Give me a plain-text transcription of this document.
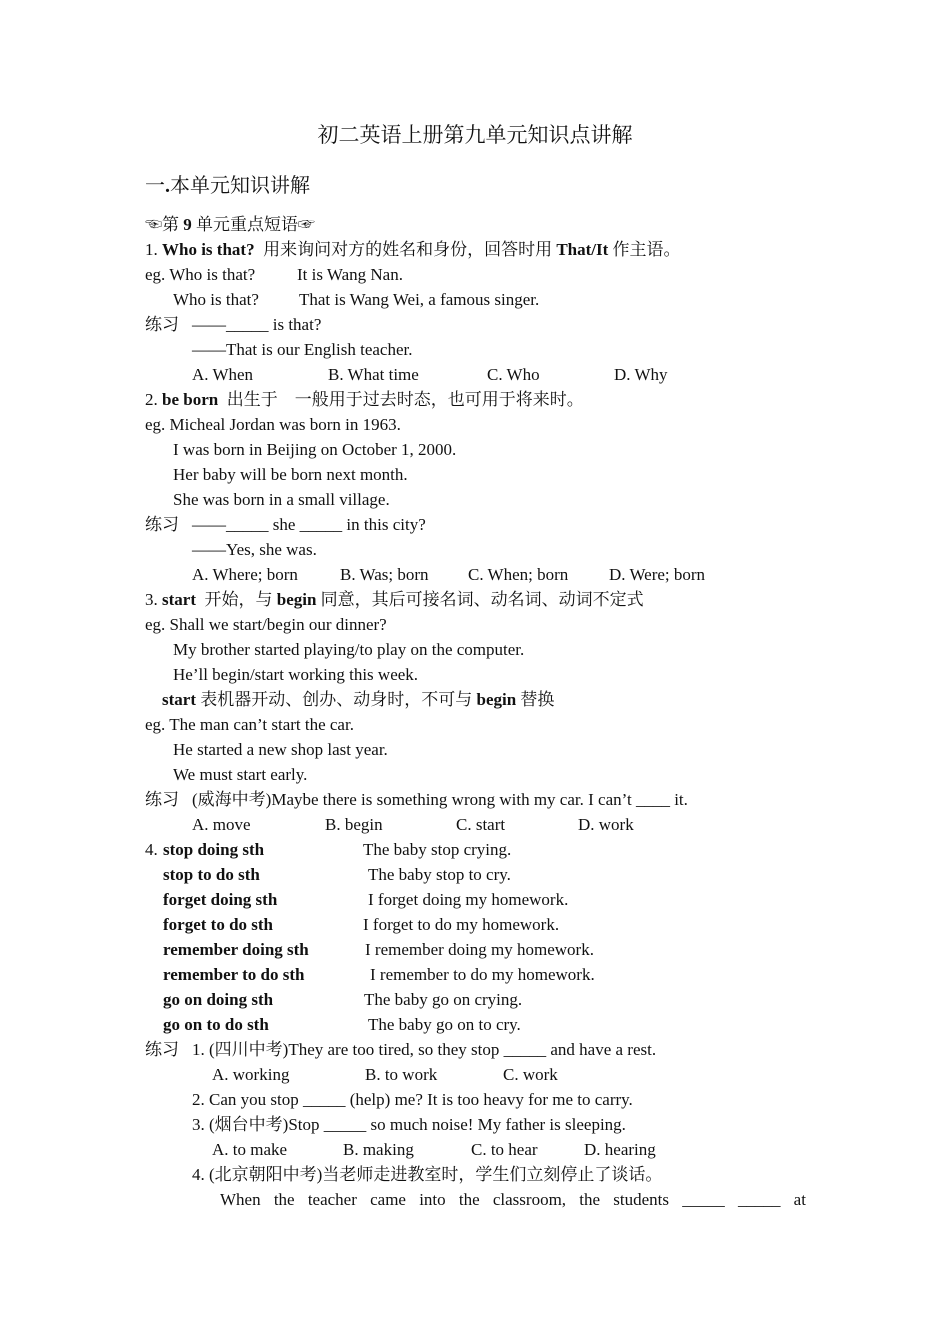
初二英语上册第九单元知识点讲解
一.本单元知识讲解
☜第 9 单元重点短语☞
1. Who is that?  用来询问对方的姓名和身份，回答时用 That/It 作主语。
eg. Who is that? It is Wang Nan.
Who is that? That is Wang Wei, a famous singer.
练习 ——_____ is that?
——That is our English teacher.
A. When	B. What time	C. Who	D. Why
2. be born  出生于    一般用于过去时态，也可用于将来时。
eg. Micheal Jordan was born in 1963.
I was born in Beijing on October 1, 2000.
Her baby will be born next month.
She was born in a small village.
练习 ——_____ she _____ in this city?
——Yes, she was.
A. Where; born B. Was; born C. When; born D. Were; born
3. start  开始，与 begin 同意，其后可接名词、动名词、动词不定式
eg. Shall we start/begin our dinner?
My brother started playing/to play on the computer.
He’ll begin/start working this week.
start 表机器开动、创办、动身时，不可与 begin 替换
eg. The man can’t start the car.
He started a new shop last year.
We must start early.
练习 (威海中考)Maybe there is something wrong with my car. I can’t ____ it.
A. move	B. begin	C. start	D. work
4. stop doing sth	The baby stop crying.
stop to do sth	The baby stop to cry.
forget doing sth	I forget doing my homework.
forget to do sth	I forget to do my homework.
remember doing sth	I remember doing my homework.
remember to do sth	I remember to do my homework.
go on doing sth	The baby go on crying.
go on to do sth	The baby go on to cry.
练习 1. (四川中考)They are too tired, so they stop _____ and have a rest.
A. working	B. to work	C. work
2. Can you stop _____ (help) me? It is too heavy for me to carry.
3. (烟台中考)Stop _____ so much noise! My father is sleeping.
A. to make	B. making	C. to hear	D. hearing
4. (北京朝阳中考)当老师走进教室时，学生们立刻停止了谈话。
When the teacher came into the classroom, the students _____ _____ at
